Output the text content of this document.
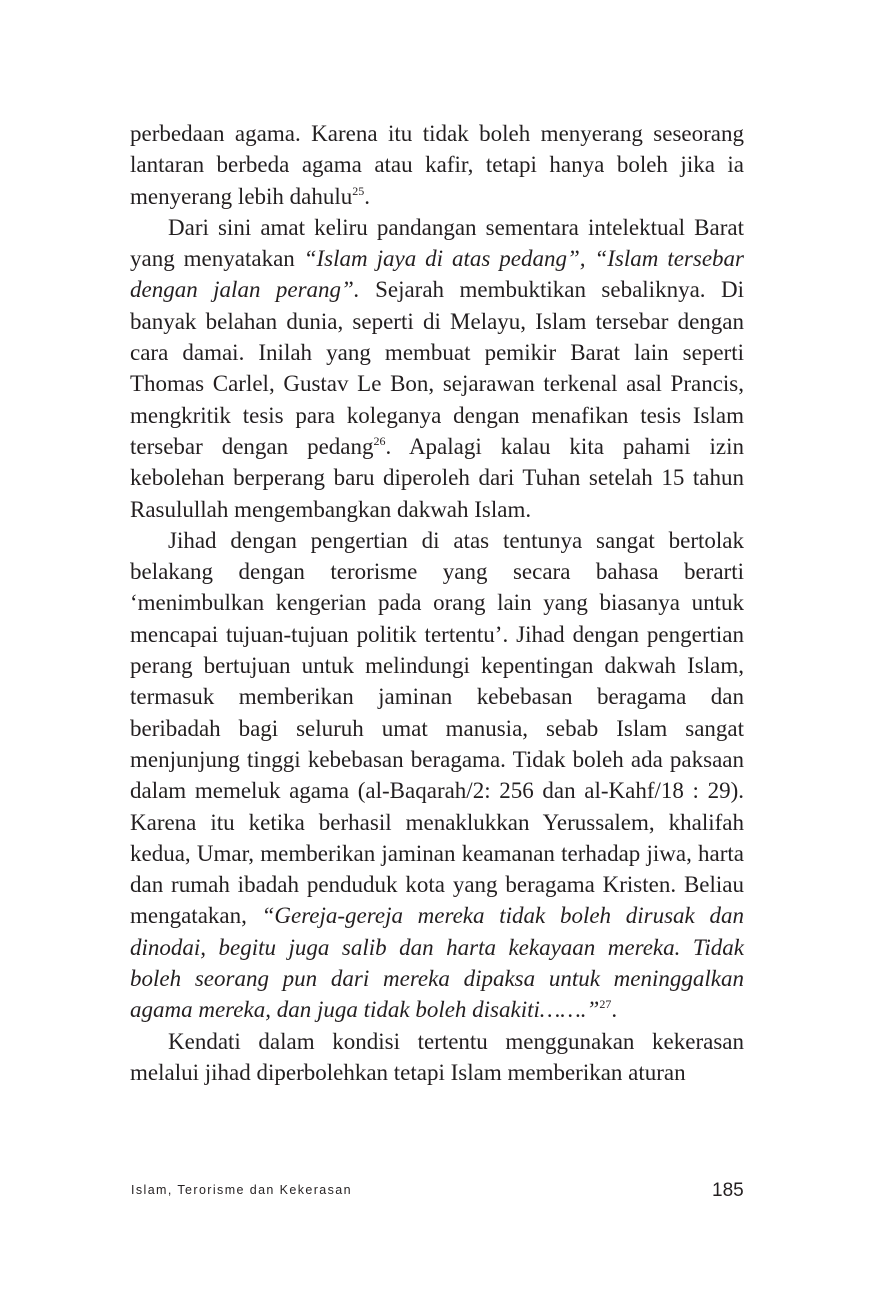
perbedaan agama. Karena itu tidak boleh menyerang seseorang lantaran berbeda agama atau kafir, tetapi hanya boleh jika ia menyerang lebih dahulu$^{25}$.

Dari sini amat keliru pandangan sementara intelektual Barat yang menyatakan “Islam jaya di atas pedang”, “Islam tersebar dengan jalan perang”. Sejarah membuktikan sebaliknya. Di banyak belahan dunia, seperti di Melayu, Islam tersebar dengan cara damai. Inilah yang membuat pemikir Barat lain seperti Thomas Carlel, Gustav Le Bon, sejarawan terkenal asal Prancis, mengkritik tesis para koleganya dengan menafikan tesis Islam tersebar dengan pedang$^{26}$. Apalagi kalau kita pahami izin kebolehan berperang baru diperoleh dari Tuhan setelah 15 tahun Rasulullah mengembangkan dakwah Islam.

Jihad dengan pengertian di atas tentunya sangat bertolak belakang dengan terorisme yang secara bahasa berarti ‘menimbulkan kengerian pada orang lain yang biasanya untuk mencapai tujuan-tujuan politik tertentu’. Jihad dengan pengertian perang bertujuan untuk melindungi kepentingan dakwah Islam, termasuk memberikan jaminan kebebasan beragama dan beribadah bagi seluruh umat manusia, sebab Islam sangat menjunjung tinggi kebebasan beragama. Tidak boleh ada paksaan dalam memeluk agama (al-Baqarah/2: 256 dan al-Kahf/18 : 29). Karena itu ketika berhasil menaklukkan Yerussalem, khalifah kedua, Umar, memberikan jaminan keamanan terhadap jiwa, harta dan rumah ibadah penduduk kota yang beragama Kristen. Beliau mengatakan, “Gereja-gereja mereka tidak boleh dirusak dan dinodai, begitu juga salib dan harta kekayaan mereka. Tidak boleh seorang pun dari mereka dipaksa untuk meninggalkan agama mereka, dan juga tidak boleh disakiti…….”$^{27}$.

Kendati dalam kondisi tertentu menggunakan kekerasan melalui jihad diperbolehkan tetapi Islam memberikan aturan

Islam, Terorisme dan Kekerasan	185
